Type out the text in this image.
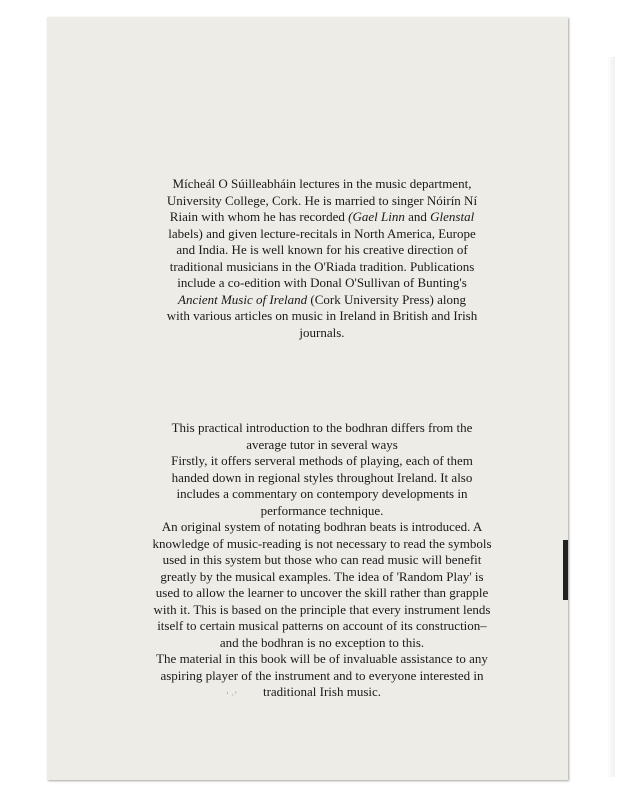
Mícheál O Súilleabháin lectures in the music department,
University College, Cork. He is married to singer Nóirín Ní
Riain with whom he has recorded (Gael Linn and Glenstal
labels) and given lecture-recitals in North America, Europe
and India. He is well known for his creative direction of
traditional musicians in the O'Riada tradition. Publications
include a co-edition with Donal O'Sullivan of Bunting's
Ancient Music of Ireland (Cork University Press) along
with various articles on music in Ireland in British and Irish
journals.
This practical introduction to the bodhran differs from the
average tutor in several ways
Firstly, it offers serveral methods of playing, each of them
handed down in regional styles throughout Ireland. It also
includes a commentary on contempory developments in
performance technique.
An original system of notating bodhran beats is introduced. A
knowledge of music-reading is not necessary to read the symbols
used in this system but those who can read music will benefit
greatly by the musical examples. The idea of 'Random Play' is
used to allow the learner to uncover the skill rather than grapple
with it. This is based on the principle that every instrument lends
itself to certain musical patterns on account of its construction–
and the bodhran is no exception to this.
The material in this book will be of invaluable assistance to any
aspiring player of the instrument and to everyone interested in
traditional Irish music.
ʻ ·ʼ
